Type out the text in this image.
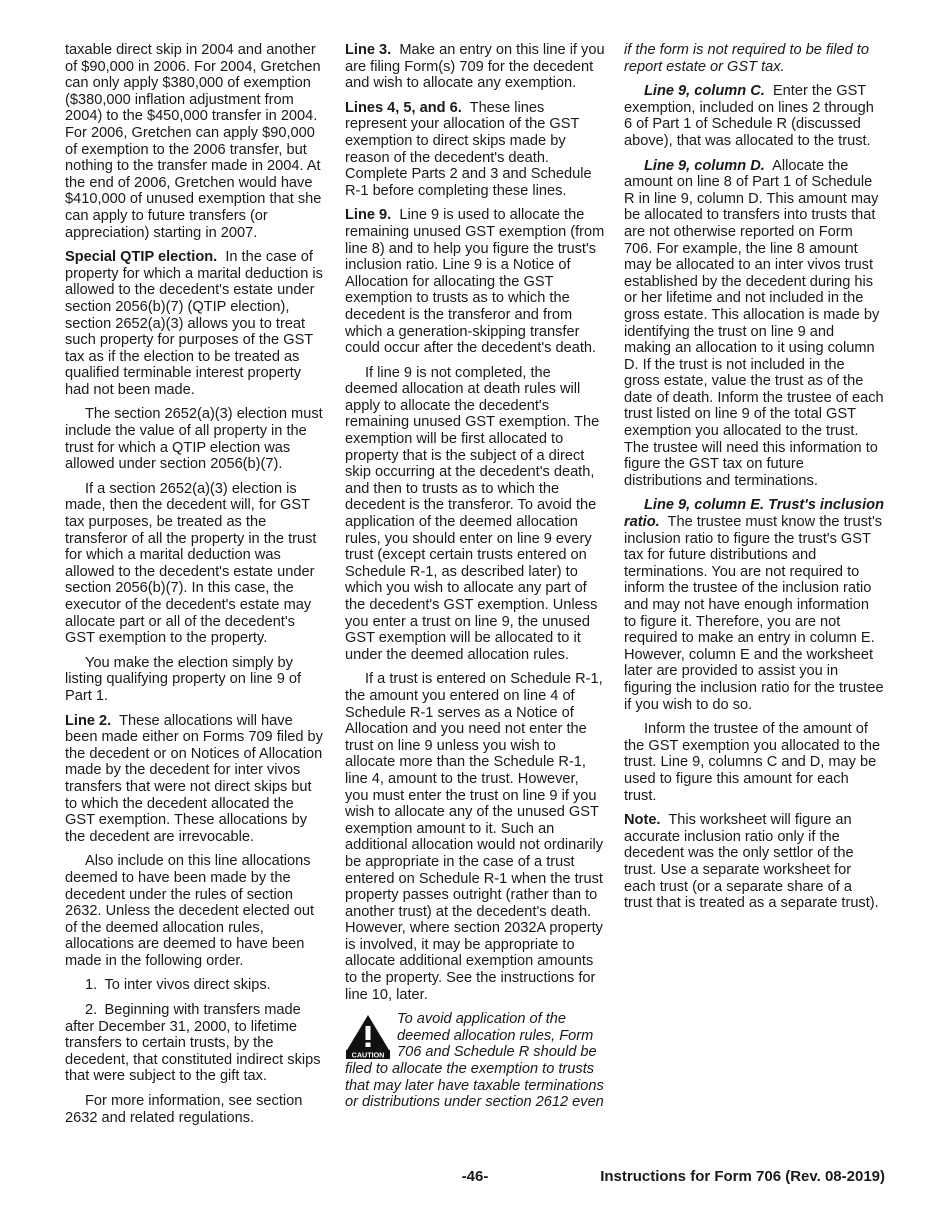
taxable direct skip in 2004 and another of $90,000 in 2006. For 2004, Gretchen can only apply $380,000 of exemption ($380,000 inflation adjustment from 2004) to the $450,000 transfer in 2004. For 2006, Gretchen can apply $90,000 of exemption to the 2006 transfer, but nothing to the transfer made in 2004. At the end of 2006, Gretchen would have $410,000 of unused exemption that she can apply to future transfers (or appreciation) starting in 2007.

Special QTIP election. In the case of property for which a marital deduction is allowed to the decedent's estate under section 2056(b)(7) (QTIP election), section 2652(a)(3) allows you to treat such property for purposes of the GST tax as if the election to be treated as qualified terminable interest property had not been made.

The section 2652(a)(3) election must include the value of all property in the trust for which a QTIP election was allowed under section 2056(b)(7).

If a section 2652(a)(3) election is made, then the decedent will, for GST tax purposes, be treated as the transferor of all the property in the trust for which a marital deduction was allowed to the decedent's estate under section 2056(b)(7). In this case, the executor of the decedent's estate may allocate part or all of the decedent's GST exemption to the property.

You make the election simply by listing qualifying property on line 9 of Part 1.

Line 2. These allocations will have been made either on Forms 709 filed by the decedent or on Notices of Allocation made by the decedent for inter vivos transfers that were not direct skips but to which the decedent allocated the GST exemption. These allocations by the decedent are irrevocable.

Also include on this line allocations deemed to have been made by the decedent under the rules of section 2632. Unless the decedent elected out of the deemed allocation rules, allocations are deemed to have been made in the following order.

1. To inter vivos direct skips.

2. Beginning with transfers made after December 31, 2000, to lifetime transfers to certain trusts, by the decedent, that constituted indirect skips that were subject to the gift tax.

For more information, see section 2632 and related regulations.

Line 3. Make an entry on this line if you are filing Form(s) 709 for the decedent and wish to allocate any exemption.

Lines 4, 5, and 6. These lines represent your allocation of the GST exemption to direct skips made by reason of the decedent's death. Complete Parts 2 and 3 and Schedule R-1 before completing these lines.

Line 9. Line 9 is used to allocate the remaining unused GST exemption (from line 8) and to help you figure the trust's inclusion ratio. Line 9 is a Notice of Allocation for allocating the GST exemption to trusts as to which the decedent is the transferor and from which a generation-skipping transfer could occur after the decedent's death.

If line 9 is not completed, the deemed allocation at death rules will apply to allocate the decedent's remaining unused GST exemption. The exemption will be first allocated to property that is the subject of a direct skip occurring at the decedent's death, and then to trusts as to which the decedent is the transferor. To avoid the application of the deemed allocation rules, you should enter on line 9 every trust (except certain trusts entered on Schedule R-1, as described later) to which you wish to allocate any part of the decedent's GST exemption. Unless you enter a trust on line 9, the unused GST exemption will be allocated to it under the deemed allocation rules.

If a trust is entered on Schedule R-1, the amount you entered on line 4 of Schedule R-1 serves as a Notice of Allocation and you need not enter the trust on line 9 unless you wish to allocate more than the Schedule R-1, line 4, amount to the trust. However, you must enter the trust on line 9 if you wish to allocate any of the unused GST exemption amount to it. Such an additional allocation would not ordinarily be appropriate in the case of a trust entered on Schedule R-1 when the trust property passes outright (rather than to another trust) at the decedent's death. However, where section 2032A property is involved, it may be appropriate to allocate additional exemption amounts to the property. See the instructions for line 10, later.

CAUTION
To avoid application of the deemed allocation rules, Form 706 and Schedule R should be filed to allocate the exemption to trusts that may later have taxable terminations or distributions under section 2612 even

if the form is not required to be filed to report estate or GST tax.

Line 9, column C. Enter the GST exemption, included on lines 2 through 6 of Part 1 of Schedule R (discussed above), that was allocated to the trust.

Line 9, column D. Allocate the amount on line 8 of Part 1 of Schedule R in line 9, column D. This amount may be allocated to transfers into trusts that are not otherwise reported on Form 706. For example, the line 8 amount may be allocated to an inter vivos trust established by the decedent during his or her lifetime and not included in the gross estate. This allocation is made by identifying the trust on line 9 and making an allocation to it using column D. If the trust is not included in the gross estate, value the trust as of the date of death. Inform the trustee of each trust listed on line 9 of the total GST exemption you allocated to the trust. The trustee will need this information to figure the GST tax on future distributions and terminations.

Line 9, column E. Trust's inclusion ratio. The trustee must know the trust's inclusion ratio to figure the trust's GST tax for future distributions and terminations. You are not required to inform the trustee of the inclusion ratio and may not have enough information to figure it. Therefore, you are not required to make an entry in column E. However, column E and the worksheet later are provided to assist you in figuring the inclusion ratio for the trustee if you wish to do so.

Inform the trustee of the amount of the GST exemption you allocated to the trust. Line 9, columns C and D, may be used to figure this amount for each trust.

Note. This worksheet will figure an accurate inclusion ratio only if the decedent was the only settlor of the trust. Use a separate worksheet for each trust (or a separate share of a trust that is treated as a separate trust).

-46-	Instructions for Form 706 (Rev. 08-2019)
